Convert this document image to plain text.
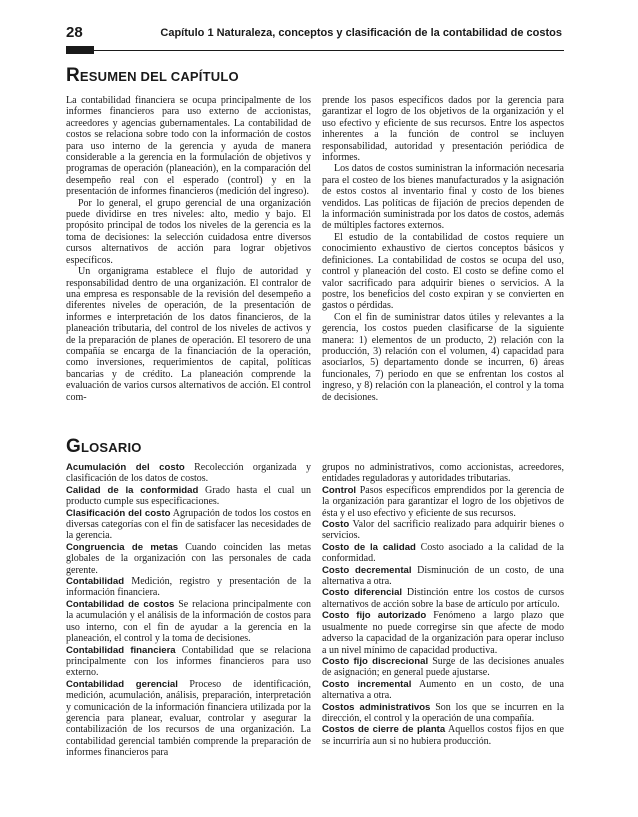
28	Capítulo 1 Naturaleza, conceptos y clasificación de la contabilidad de costos
RESUMEN DEL CAPÍTULO

La contabilidad financiera se ocupa principalmente de los informes financieros para uso externo de accionistas, acreedores y agencias gubernamentales. La contabilidad de costos se relaciona sobre todo con la información de costos para uso interno de la gerencia y ayuda de manera considerable a la gerencia en la formulación de objetivos y programas de operación (planeación), en la comparación del desempeño real con el esperado (control) y en la presentación de informes financieros (medición del ingreso).

Por lo general, el grupo gerencial de una organización puede dividirse en tres niveles: alto, medio y bajo. El propósito principal de todos los niveles de la gerencia es la toma de decisiones: la selección cuidadosa entre diversos cursos alternativos de acción para lograr objetivos específicos.

Un organigrama establece el flujo de autoridad y responsabilidad dentro de una organización. El contralor de una empresa es responsable de la revisión del desempeño a diferentes niveles de operación, de la presentación de informes e interpretación de los datos financieros, de la planeación tributaria, del control de los niveles de activos y de la preparación de planes de operación. El tesorero de una compañía se encarga de la financiación de la operación, como inversiones, requerimientos de capital, políticas bancarias y de crédito. La planeación comprende la evaluación de varios cursos alternativos de acción. El control com-

prende los pasos específicos dados por la gerencia para garantizar el logro de los objetivos de la organización y el uso efectivo y eficiente de sus recursos. Entre los aspectos inherentes a la función de control se incluyen responsabilidad, autoridad y presentación periódica de informes.

Los datos de costos suministran la información necesaria para el costeo de los bienes manufacturados y la asignación de estos costos al inventario final y costo de los bienes vendidos. Las políticas de fijación de precios dependen de la información suministrada por los datos de costos, además de múltiples factores externos.

El estudio de la contabilidad de costos requiere un conocimiento exhaustivo de ciertos conceptos básicos y definiciones. La contabilidad de costos se ocupa del uso, control y planeación del costo. El costo se define como el valor sacrificado para adquirir bienes o servicios. A la postre, los beneficios del costo expiran y se convierten en gastos o pérdidas.

Con el fin de suministrar datos útiles y relevantes a la gerencia, los costos pueden clasificarse de la siguiente manera: 1) elementos de un producto, 2) relación con la producción, 3) relación con el volumen, 4) capacidad para asociarlos, 5) departamento donde se incurren, 6) áreas funcionales, 7) periodo en que se enfrentan los costos al ingreso, y 8) relación con la planeación, el control y la toma de decisiones.

GLOSARIO

Acumulación del costo Recolección organizada y clasificación de los datos de costos.

Calidad de la conformidad Grado hasta el cual un producto cumple sus especificaciones.

Clasificación del costo Agrupación de todos los costos en diversas categorías con el fin de satisfacer las necesidades de la gerencia.

Congruencia de metas Cuando coinciden las metas globales de la organización con las personales de cada gerente.

Contabilidad Medición, registro y presentación de la información financiera.

Contabilidad de costos Se relaciona principalmente con la acumulación y el análisis de la información de costos para uso interno, con el fin de ayudar a la gerencia en la planeación, el control y la toma de decisiones.

Contabilidad financiera Contabilidad que se relaciona principalmente con los informes financieros para uso externo.

Contabilidad gerencial Proceso de identificación, medición, acumulación, análisis, preparación, interpretación y comunicación de la información financiera utilizada por la gerencia para planear, evaluar, controlar y asegurar la contabilización de los recursos de una organización. La contabilidad gerencial también comprende la preparación de informes financieros para

grupos no administrativos, como accionistas, acreedores, entidades reguladoras y autoridades tributarias.

Control Pasos específicos emprendidos por la gerencia de la organización para garantizar el logro de los objetivos de ésta y el uso efectivo y eficiente de sus recursos.

Costo Valor del sacrificio realizado para adquirir bienes o servicios.

Costo de la calidad Costo asociado a la calidad de la conformidad.

Costo decremental Disminución de un costo, de una alternativa a otra.

Costo diferencial Distinción entre los costos de cursos alternativos de acción sobre la base de artículo por artículo.

Costo fijo autorizado Fenómeno a largo plazo que usualmente no puede corregirse sin que afecte de modo adverso la capacidad de la organización para operar incluso a un nivel mínimo de capacidad productiva.

Costo fijo discrecional Surge de las decisiones anuales de asignación; en general puede ajustarse.

Costo incremental Aumento en un costo, de una alternativa a otra.

Costos administrativos Son los que se incurren en la dirección, el control y la operación de una compañía.

Costos de cierre de planta Aquellos costos fijos en que se incurriría aun si no hubiera producción.
